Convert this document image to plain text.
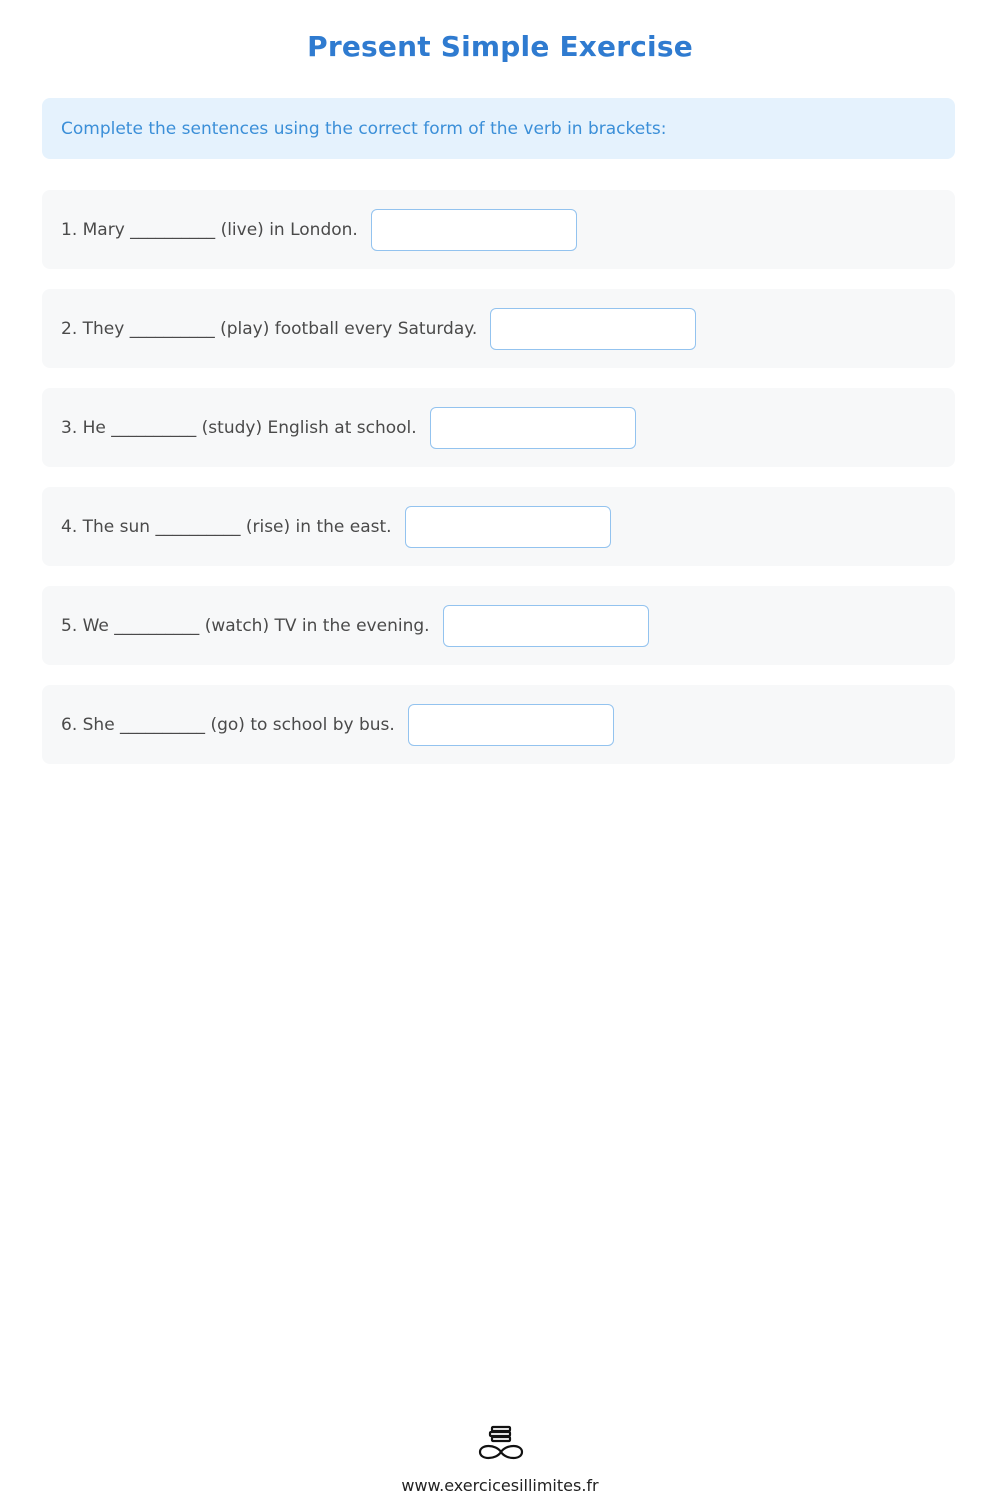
Present Simple Exercise
Complete the sentences using the correct form of the verb in brackets:
1. Mary __________ (live) in London.
2. They __________ (play) football every Saturday.
3. He __________ (study) English at school.
4. The sun __________ (rise) in the east.
5. We __________ (watch) TV in the evening.
6. She __________ (go) to school by bus.
www.exercicesillimites.fr
